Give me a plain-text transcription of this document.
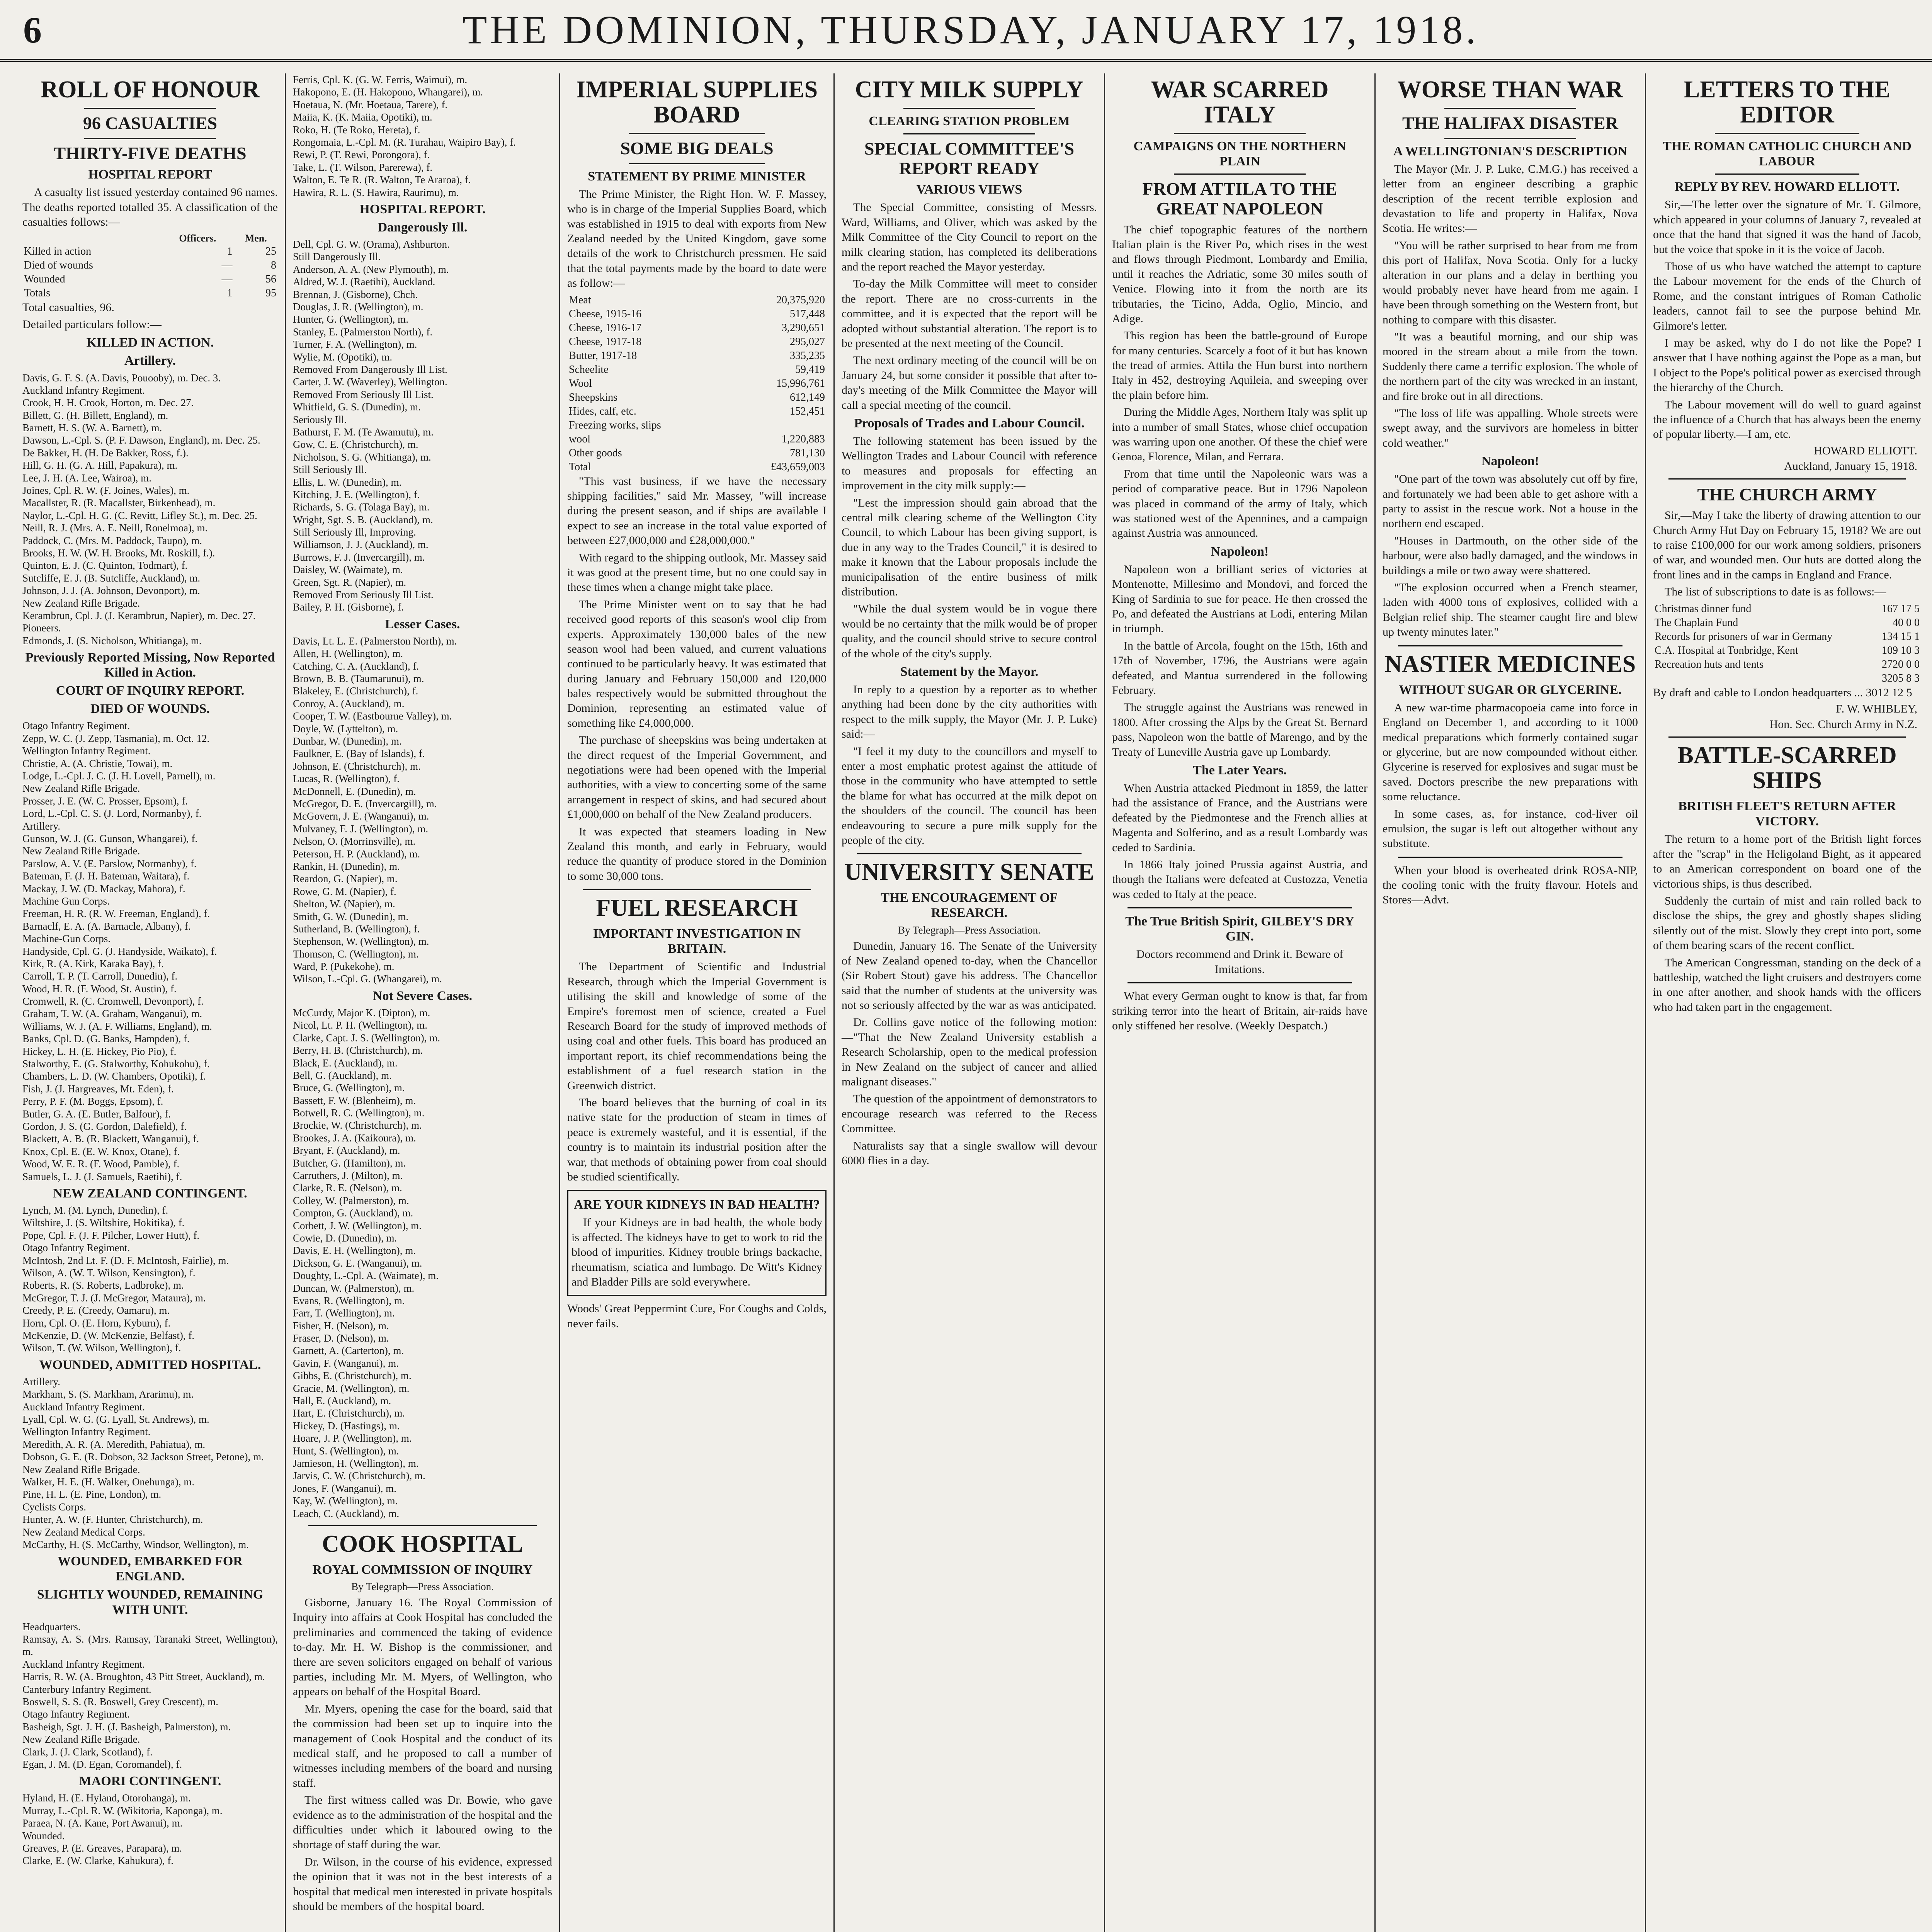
6	THE DOMINION, THURSDAY, JANUARY 17, 1918.
ROLL OF HONOUR
96 CASUALTIES
THIRTY-FIVE DEATHS
HOSPITAL REPORT

A casualty list issued yesterday contained 96 names. The deaths reported totalled 35. A classification of the casualties follows:—

	Officers.	Men.
Killed in action	1	25
Died of wounds	—	8
Wounded	—	56
Totals	1	95

Total casualties, 96.

Detailed particulars follow:—

KILLED IN ACTION.
Artillery.

Davis, G. F. S. (A. Davis, Pouooby), m. Dec. 3.

Auckland Infantry Regiment.

Crook, H. H. Crook, Horton, m. Dec. 27.

Billett, G. (H. Billett, England), m.

Barnett, H. S. (W. A. Barnett), m.

Dawson, L.-Cpl. S. (P. F. Dawson, England), m. Dec. 25.

De Bakker, H. (H. De Bakker, Ross, f.).

Hill, G. H. (G. A. Hill, Papakura), m.

Lee, J. H. (A. Lee, Wairoa), m.

Joines, Cpl. R. W. (F. Joines, Wales), m.

Macallster, R. (R. Macallster, Birkenhead), m.

Naylor, L.-Cpl. H. G. (C. Revitt, Lifley St.), m. Dec. 25.

Neill, R. J. (Mrs. A. E. Neill, Ronelmoa), m.

Paddock, C. (Mrs. M. Paddock, Taupo), m.

Brooks, H. W. (W. H. Brooks, Mt. Roskill, f.).

Quinton, E. J. (C. Quinton, Todmart), f.

Sutcliffe, E. J. (B. Sutcliffe, Auckland), m.

Johnson, J. J. (A. Johnson, Devonport), m.

New Zealand Rifle Brigade.

Kerambrun, Cpl. J. (J. Kerambrun, Napier), m. Dec. 27.

Pioneers.

Edmonds, J. (S. Nicholson, Whitianga), m.

Previously Reported Missing, Now Reported Killed in Action.
COURT OF INQUIRY REPORT.
DIED OF WOUNDS.

Otago Infantry Regiment.

Zepp, W. C. (J. Zepp, Tasmania), m. Oct. 12.

Wellington Infantry Regiment.

Christie, A. (A. Christie, Towai), m.

Lodge, L.-Cpl. J. C. (J. H. Lovell, Parnell), m.

New Zealand Rifle Brigade.

Prosser, J. E. (W. C. Prosser, Epsom), f.

Lord, L.-Cpl. C. S. (J. Lord, Normanby), f.

Artillery.

Gunson, W. J. (G. Gunson, Whangarei), f.

New Zealand Rifle Brigade.

Parslow, A. V. (E. Parslow, Normanby), f.

Bateman, F. (J. H. Bateman, Waitara), f.

Mackay, J. W. (D. Mackay, Mahora), f.

Machine Gun Corps.

Freeman, H. R. (R. W. Freeman, England), f.

Barnaclf, E. A. (A. Barnacle, Albany), f.

Machine-Gun Corps.

Handyside, Cpl. G. (J. Handyside, Waikato), f.

Kirk, R. (A. Kirk, Karaka Bay), f.

Carroll, T. P. (T. Carroll, Dunedin), f.

Wood, H. R. (F. Wood, St. Austin), f.

Cromwell, R. (C. Cromwell, Devonport), f.

Graham, T. W. (A. Graham, Wanganui), m.

Williams, W. J. (A. F. Williams, England), m.

Banks, Cpl. D. (G. Banks, Hampden), f.

Hickey, L. H. (E. Hickey, Pio Pio), f.

Stalworthy, E. (G. Stalworthy, Kohukohu), f.

Chambers, L. D. (W. Chambers, Opotiki), f.

Fish, J. (J. Hargreaves, Mt. Eden), f.

Perry, P. F. (M. Boggs, Epsom), f.

Butler, G. A. (E. Butler, Balfour), f.

Gordon, J. S. (G. Gordon, Dalefield), f.

Blackett, A. B. (R. Blackett, Wanganui), f.

Knox, Cpl. E. (E. W. Knox, Otane), f.

Wood, W. E. R. (F. Wood, Pamble), f.

Samuels, L. J. (J. Samuels, Raetihi), f.

NEW ZEALAND CONTINGENT.

Lynch, M. (M. Lynch, Dunedin), f.

Wiltshire, J. (S. Wiltshire, Hokitika), f.

Pope, Cpl. F. (J. F. Pilcher, Lower Hutt), f.

Otago Infantry Regiment.

McIntosh, 2nd Lt. F. (D. F. McIntosh, Fairlie), m.

Wilson, A. (W. T. Wilson, Kensington), f.

Roberts, R. (S. Roberts, Ladbroke), m.

McGregor, T. J. (J. McGregor, Mataura), m.

Creedy, P. E. (Creedy, Oamaru), m.

Horn, Cpl. O. (E. Horn, Kyburn), f.

McKenzie, D. (W. McKenzie, Belfast), f.

Wilson, T. (W. Wilson, Wellington), f.

WOUNDED, ADMITTED HOSPITAL.

Artillery.

Markham, S. (S. Markham, Ararimu), m.

Auckland Infantry Regiment.

Lyall, Cpl. W. G. (G. Lyall, St. Andrews), m.

Wellington Infantry Regiment.

Meredith, A. R. (A. Meredith, Pahiatua), m.

Dobson, G. E. (R. Dobson, 32 Jackson Street, Petone), m.

New Zealand Rifle Brigade.

Walker, H. E. (H. Walker, Onehunga), m.

Pine, H. L. (E. Pine, London), m.

Cyclists Corps.

Hunter, A. W. (F. Hunter, Christchurch), m.

New Zealand Medical Corps.

McCarthy, H. (S. McCarthy, Windsor, Wellington), m.

WOUNDED, EMBARKED FOR ENGLAND.
SLIGHTLY WOUNDED, REMAINING WITH UNIT.

Headquarters.

Ramsay, A. S. (Mrs. Ramsay, Taranaki Street, Wellington), m.

Auckland Infantry Regiment.

Harris, R. W. (A. Broughton, 43 Pitt Street, Auckland), m.

Canterbury Infantry Regiment.

Boswell, S. S. (R. Boswell, Grey Crescent), m.

Otago Infantry Regiment.

Basheigh, Sgt. J. H. (J. Basheigh, Palmerston), m.

New Zealand Rifle Brigade.

Clark, J. (J. Clark, Scotland), f.

Egan, J. M. (D. Egan, Coromandel), f.

MAORI CONTINGENT.

Hyland, H. (E. Hyland, Otorohanga), m.

Murray, L.-Cpl. R. W. (Wikitoria, Kaponga), m.

Paraea, N. (A. Kane, Port Awanui), m.

Wounded.

Greaves, P. (E. Greaves, Parapara), m.

Clarke, E. (W. Clarke, Kahukura), f.

Ferris, Cpl. K. (G. W. Ferris, Waimui), m.

Hakopono, E. (H. Hakopono, Whangarei), m.

Hoetaua, N. (Mr. Hoetaua, Tarere), f.

Maiia, K. (K. Maiia, Opotiki), m.

Roko, H. (Te Roko, Hereta), f.

Rongomaia, L.-Cpl. M. (R. Turahau, Waipiro Bay), f.

Rewi, P. (T. Rewi, Porongora), f.

Take, L. (T. Wilson, Parerewa), f.

Walton, E. Te R. (R. Walton, Te Araroa), f.

Hawira, R. L. (S. Hawira, Raurimu), m.

HOSPITAL REPORT.
Dangerously Ill.

Dell, Cpl. G. W. (Orama), Ashburton.

Still Dangerously Ill.

Anderson, A. A. (New Plymouth), m.

Aldred, W. J. (Raetihi), Auckland.

Brennan, J. (Gisborne), Chch.

Douglas, J. R. (Wellington), m.

Hunter, G. (Wellington), m.

Stanley, E. (Palmerston North), f.

Turner, F. A. (Wellington), m.

Wylie, M. (Opotiki), m.

Removed From Dangerously Ill List.

Carter, J. W. (Waverley), Wellington.

Removed From Seriously Ill List.

Whitfield, G. S. (Dunedin), m.

Seriously Ill.

Bathurst, F. M. (Te Awamutu), m.

Gow, C. E. (Christchurch), m.

Nicholson, S. G. (Whitianga), m.

Still Seriously Ill.

Ellis, L. W. (Dunedin), m.

Kitching, J. E. (Wellington), f.

Richards, S. G. (Tolaga Bay), m.

Wright, Sgt. S. B. (Auckland), m.

Still Seriously Ill, Improving.

Williamson, J. J. (Auckland), m.

Burrows, F. J. (Invercargill), m.

Daisley, W. (Waimate), m.

Green, Sgt. R. (Napier), m.

Removed From Seriously Ill List.

Bailey, P. H. (Gisborne), f.

Lesser Cases.

Davis, Lt. L. E. (Palmerston North), m.

Allen, H. (Wellington), m.

Catching, C. A. (Auckland), f.

Brown, B. B. (Taumarunui), m.

Blakeley, E. (Christchurch), f.

Conroy, A. (Auckland), m.

Cooper, T. W. (Eastbourne Valley), m.

Doyle, W. (Lyttelton), m.

Dunbar, W. (Dunedin), m.

Faulkner, E. (Bay of Islands), f.

Johnson, E. (Christchurch), m.

Lucas, R. (Wellington), f.

McDonnell, E. (Dunedin), m.

McGregor, D. E. (Invercargill), m.

McGovern, J. E. (Wanganui), m.

Mulvaney, F. J. (Wellington), m.

Nelson, O. (Morrinsville), m.

Peterson, H. P. (Auckland), m.

Rankin, H. (Dunedin), m.

Reardon, G. (Napier), m.

Rowe, G. M. (Napier), f.

Shelton, W. (Napier), m.

Smith, G. W. (Dunedin), m.

Sutherland, B. (Wellington), f.

Stephenson, W. (Wellington), m.

Thomson, C. (Wellington), m.

Ward, P. (Pukekohe), m.

Wilson, L.-Cpl. G. (Whangarei), m.

Not Severe Cases.

McCurdy, Major K. (Dipton), m.

Nicol, Lt. P. H. (Wellington), m.

Clarke, Capt. J. S. (Wellington), m.

Berry, H. B. (Christchurch), m.

Black, E. (Auckland), m.

Bell, G. (Auckland), m.

Bruce, G. (Wellington), m.

Bassett, F. W. (Blenheim), m.

Botwell, R. C. (Wellington), m.

Brockie, W. (Christchurch), m.

Brookes, J. A. (Kaikoura), m.

Bryant, F. (Auckland), m.

Butcher, G. (Hamilton), m.

Carruthers, J. (Milton), m.

Clarke, R. E. (Nelson), m.

Colley, W. (Palmerston), m.

Compton, G. (Auckland), m.

Corbett, J. W. (Wellington), m.

Cowie, D. (Dunedin), m.

Davis, E. H. (Wellington), m.

Dickson, G. E. (Wanganui), m.

Doughty, L.-Cpl. A. (Waimate), m.

Duncan, W. (Palmerston), m.

Evans, R. (Wellington), m.

Farr, T. (Wellington), m.

Fisher, H. (Nelson), m.

Fraser, D. (Nelson), m.

Garnett, A. (Carterton), m.

Gavin, F. (Wanganui), m.

Gibbs, E. (Christchurch), m.

Gracie, M. (Wellington), m.

Hall, E. (Auckland), m.

Hart, E. (Christchurch), m.

Hickey, D. (Hastings), m.

Hoare, J. P. (Wellington), m.

Hunt, S. (Wellington), m.

Jamieson, H. (Wellington), m.

Jarvis, C. W. (Christchurch), m.

Jones, F. (Wanganui), m.

Kay, W. (Wellington), m.

Leach, C. (Auckland), m.

COOK HOSPITAL
ROYAL COMMISSION OF INQUIRY

By Telegraph—Press Association.

Gisborne, January 16. The Royal Commission of Inquiry into affairs at Cook Hospital has concluded the preliminaries and commenced the taking of evidence to-day. Mr. H. W. Bishop is the commissioner, and there are seven solicitors engaged on behalf of various parties, including Mr. M. Myers, of Wellington, who appears on behalf of the Hospital Board.

Mr. Myers, opening the case for the board, said that the commission had been set up to inquire into the management of Cook Hospital and the conduct of its medical staff, and he proposed to call a number of witnesses including members of the board and nursing staff.

The first witness called was Dr. Bowie, who gave evidence as to the administration of the hospital and the difficulties under which it laboured owing to the shortage of staff during the war.

Dr. Wilson, in the course of his evidence, expressed the opinion that it was not in the best interests of a hospital that medical men interested in private hospitals should be members of the hospital board.

IMPERIAL SUPPLIES BOARD
SOME BIG DEALS
STATEMENT BY PRIME MINISTER

The Prime Minister, the Right Hon. W. F. Massey, who is in charge of the Imperial Supplies Board, which was established in 1915 to deal with exports from New Zealand needed by the United Kingdom, gave some details of the work to Christchurch pressmen. He said that the total payments made by the board to date were as follow:—

Meat	20,375,920
Cheese, 1915-16	517,448
Cheese, 1916-17	3,290,651
Cheese, 1917-18	295,027
Butter, 1917-18	335,235
Scheelite	59,419
Wool	15,996,761
Sheepskins	612,149
Hides, calf, etc.	152,451
Freezing works, slips	
wool	1,220,883
Other goods	781,130
Total	£43,659,003

"This vast business, if we have the necessary shipping facilities," said Mr. Massey, "will increase during the present season, and if ships are available I expect to see an increase in the total value exported of between £27,000,000 and £28,000,000."

With regard to the shipping outlook, Mr. Massey said it was good at the present time, but no one could say in these times when a change might take place.

The Prime Minister went on to say that he had received good reports of this season's wool clip from experts. Approximately 130,000 bales of the new season wool had been valued, and current valuations continued to be particularly heavy. It was estimated that during January and February 150,000 and 120,000 bales respectively would be submitted throughout the Dominion, representing an estimated value of something like £4,000,000.

The purchase of sheepskins was being undertaken at the direct request of the Imperial Government, and negotiations were had been opened with the Imperial authorities, with a view to concerting some of the same arrangement in respect of skins, and had secured about £1,000,000 on behalf of the New Zealand producers.

It was expected that steamers loading in New Zealand this month, and early in February, would reduce the quantity of produce stored in the Dominion to some 30,000 tons.

FUEL RESEARCH
IMPORTANT INVESTIGATION IN BRITAIN.

The Department of Scientific and Industrial Research, through which the Imperial Government is utilising the skill and knowledge of some of the Empire's foremost men of science, created a Fuel Research Board for the study of improved methods of using coal and other fuels. This board has produced an important report, its chief recommendations being the establishment of a fuel research station in the Greenwich district.

The board believes that the burning of coal in its native state for the production of steam in times of peace is extremely wasteful, and it is essential, if the country is to maintain its industrial position after the war, that methods of obtaining power from coal should be studied scientifically.

ARE YOUR KIDNEYS IN BAD HEALTH?

If your Kidneys are in bad health, the whole body is affected. The kidneys have to get to work to rid the blood of impurities. Kidney trouble brings backache, rheumatism, sciatica and lumbago. De Witt's Kidney and Bladder Pills are sold everywhere.

Woods' Great Peppermint Cure, For Coughs and Colds, never fails.

CITY MILK SUPPLY
CLEARING STATION PROBLEM
SPECIAL COMMITTEE'S REPORT READY
VARIOUS VIEWS

The Special Committee, consisting of Messrs. Ward, Williams, and Oliver, which was asked by the Milk Committee of the City Council to report on the milk clearing station, has completed its deliberations and the report reached the Mayor yesterday.

To-day the Milk Committee will meet to consider the report. There are no cross-currents in the committee, and it is expected that the report will be adopted without substantial alteration. The report is to be presented at the next meeting of the Council.

The next ordinary meeting of the council will be on January 24, but some consider it possible that after to-day's meeting of the Milk Committee the Mayor will call a special meeting of the council.

Proposals of Trades and Labour Council.

The following statement has been issued by the Wellington Trades and Labour Council with reference to measures and proposals for effecting an improvement in the city milk supply:—

"Lest the impression should gain abroad that the central milk clearing scheme of the Wellington City Council, to which Labour has been giving support, is due in any way to the Trades Council," it is desired to make it known that the Labour proposals include the municipalisation of the entire business of milk distribution.

"While the dual system would be in vogue there would be no certainty that the milk would be of proper quality, and the council should strive to secure control of the whole of the city's supply.

Statement by the Mayor.

In reply to a question by a reporter as to whether anything had been done by the city authorities with respect to the milk supply, the Mayor (Mr. J. P. Luke) said:—

"I feel it my duty to the councillors and myself to enter a most emphatic protest against the attitude of those in the community who have attempted to settle the blame for what has occurred at the milk depot on the shoulders of the council. The council has been endeavouring to secure a pure milk supply for the people of the city.

UNIVERSITY SENATE
THE ENCOURAGEMENT OF RESEARCH.

By Telegraph—Press Association.

Dunedin, January 16. The Senate of the University of New Zealand opened to-day, when the Chancellor (Sir Robert Stout) gave his address. The Chancellor said that the number of students at the university was not so seriously affected by the war as was anticipated.

Dr. Collins gave notice of the following motion:—"That the New Zealand University establish a Research Scholarship, open to the medical profession in New Zealand on the subject of cancer and allied malignant diseases."

The question of the appointment of demonstrators to encourage research was referred to the Recess Committee.

Naturalists say that a single swallow will devour 6000 flies in a day.

WAR SCARRED ITALY
CAMPAIGNS ON THE NORTHERN PLAIN
FROM ATTILA TO THE GREAT NAPOLEON

The chief topographic features of the northern Italian plain is the River Po, which rises in the west and flows through Piedmont, Lombardy and Emilia, until it reaches the Adriatic, some 30 miles south of Venice. Flowing into it from the north are its tributaries, the Ticino, Adda, Oglio, Mincio, and Adige.

This region has been the battle-ground of Europe for many centuries. Scarcely a foot of it but has known the tread of armies. Attila the Hun burst into northern Italy in 452, destroying Aquileia, and sweeping over the plain before him.

During the Middle Ages, Northern Italy was split up into a number of small States, whose chief occupation was warring upon one another. Of these the chief were Genoa, Florence, Milan, and Ferrara.

From that time until the Napoleonic wars was a period of comparative peace. But in 1796 Napoleon was placed in command of the army of Italy, which was stationed west of the Apennines, and a campaign against Austria was announced.

Napoleon!

Napoleon won a brilliant series of victories at Montenotte, Millesimo and Mondovi, and forced the King of Sardinia to sue for peace. He then crossed the Po, and defeated the Austrians at Lodi, entering Milan in triumph.

In the battle of Arcola, fought on the 15th, 16th and 17th of November, 1796, the Austrians were again defeated, and Mantua surrendered in the following February.

The struggle against the Austrians was renewed in 1800. After crossing the Alps by the Great St. Bernard pass, Napoleon won the battle of Marengo, and by the Treaty of Luneville Austria gave up Lombardy.

The Later Years.

When Austria attacked Piedmont in 1859, the latter had the assistance of France, and the Austrians were defeated by the Piedmontese and the French allies at Magenta and Solferino, and as a result Lombardy was ceded to Sardinia.

In 1866 Italy joined Prussia against Austria, and though the Italians were defeated at Custozza, Venetia was ceded to Italy at the peace.

The True British Spirit, GILBEY'S DRY GIN.

Doctors recommend and Drink it. Beware of Imitations.

What every German ought to know is that, far from striking terror into the heart of Britain, air-raids have only stiffened her resolve. (Weekly Despatch.)

WORSE THAN WAR
THE HALIFAX DISASTER
A WELLINGTONIAN'S DESCRIPTION

The Mayor (Mr. J. P. Luke, C.M.G.) has received a letter from an engineer describing a graphic description of the recent terrible explosion and devastation to life and property in Halifax, Nova Scotia. He writes:—

"You will be rather surprised to hear from me from this port of Halifax, Nova Scotia. Only for a lucky alteration in our plans and a delay in berthing you would probably never have heard from me again. I have been through something on the Western front, but nothing to compare with this disaster.

"It was a beautiful morning, and our ship was moored in the stream about a mile from the town. Suddenly there came a terrific explosion. The whole of the northern part of the city was wrecked in an instant, and fire broke out in all directions.

"The loss of life was appalling. Whole streets were swept away, and the survivors are homeless in bitter cold weather."

Napoleon!

"One part of the town was absolutely cut off by fire, and fortunately we had been able to get ashore with a party to assist in the rescue work. Not a house in the northern end escaped.

"Houses in Dartmouth, on the other side of the harbour, were also badly damaged, and the windows in buildings a mile or two away were shattered.

"The explosion occurred when a French steamer, laden with 4000 tons of explosives, collided with a Belgian relief ship. The steamer caught fire and blew up twenty minutes later."

NASTIER MEDICINES
WITHOUT SUGAR OR GLYCERINE.

A new war-time pharmacopoeia came into force in England on December 1, and according to it 1000 medical preparations which formerly contained sugar or glycerine, but are now compounded without either. Glycerine is reserved for explosives and sugar must be saved. Doctors prescribe the new preparations with some reluctance.

In some cases, as, for instance, cod-liver oil emulsion, the sugar is left out altogether without any substitute.

When your blood is overheated drink ROSA-NIP, the cooling tonic with the fruity flavour. Hotels and Stores—Advt.

LETTERS TO THE EDITOR
THE ROMAN CATHOLIC CHURCH AND LABOUR
REPLY BY REV. HOWARD ELLIOTT.

Sir,—The letter over the signature of Mr. T. Gilmore, which appeared in your columns of January 7, revealed at once that the hand that signed it was the hand of Jacob, but the voice that spoke in it is the voice of Jacob.

Those of us who have watched the attempt to capture the Labour movement for the ends of the Church of Rome, and the constant intrigues of Roman Catholic leaders, cannot fail to see the purpose behind Mr. Gilmore's letter.

I may be asked, why do I do not like the Pope? I answer that I have nothing against the Pope as a man, but I object to the Pope's political power as exercised through the hierarchy of the Church.

The Labour movement will do well to guard against the influence of a Church that has always been the enemy of popular liberty.—I am, etc.

HOWARD ELLIOTT.
Auckland, January 15, 1918.
THE CHURCH ARMY

Sir,—May I take the liberty of drawing attention to our Church Army Hut Day on February 15, 1918? We are out to raise £100,000 for our work among soldiers, prisoners of war, and wounded men. Our huts are dotted along the front lines and in the camps in England and France.

The list of subscriptions to date is as follows:—

Christmas dinner fund	167 17 5
The Chaplain Fund	40 0 0
Records for prisoners of war in Germany	134 15 1
C.A. Hospital at Tonbridge, Kent	109 10 3
Recreation huts and tents	2720 0 0
	3205 8 3

By draft and cable to London headquarters ... 3012 12 5

F. W. WHIBLEY,
Hon. Sec. Church Army in N.Z.
BATTLE-SCARRED SHIPS
BRITISH FLEET'S RETURN AFTER VICTORY.

The return to a home port of the British light forces after the "scrap" in the Heligoland Bight, as it appeared to an American correspondent on board one of the victorious ships, is thus described.

Suddenly the curtain of mist and rain rolled back to disclose the ships, the grey and ghostly shapes sliding silently out of the mist. Slowly they crept into port, some of them bearing scars of the recent conflict.

The American Congressman, standing on the deck of a battleship, watched the light cruisers and destroyers come in one after another, and shook hands with the officers who had taken part in the engagement.
